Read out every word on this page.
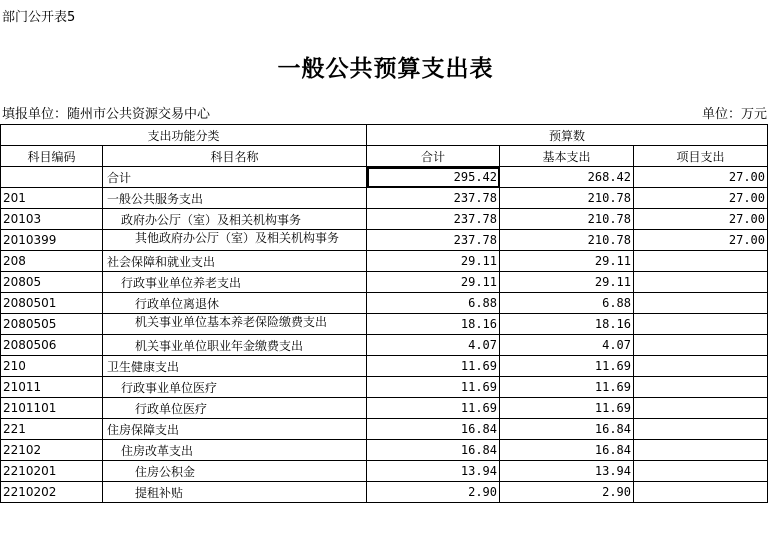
部门公开表5
一般公共预算支出表
填报单位：随州市公共资源交易中心	单位：万元
支出功能分类		预算数		
科目编码	科目名称	合计	基本支出	项目支出
	合计	295.42	268.42	27.00
201	一般公共服务支出	237.78	210.78	27.00
20103	政府办公厅（室）及相关机构事务	237.78	210.78	27.00
2010399	其他政府办公厅（室）及相关机构事务	237.78	210.78	27.00
208	社会保障和就业支出	29.11	29.11	
20805	行政事业单位养老支出	29.11	29.11	
2080501	行政单位离退休	6.88	6.88	
2080505	机关事业单位基本养老保险缴费支出	18.16	18.16	
2080506	机关事业单位职业年金缴费支出	4.07	4.07	
210	卫生健康支出	11.69	11.69	
21011	行政事业单位医疗	11.69	11.69	
2101101	行政单位医疗	11.69	11.69	
221	住房保障支出	16.84	16.84	
22102	住房改革支出	16.84	16.84	
2210201	住房公积金	13.94	13.94	
2210202	提租补贴	2.90	2.90	
